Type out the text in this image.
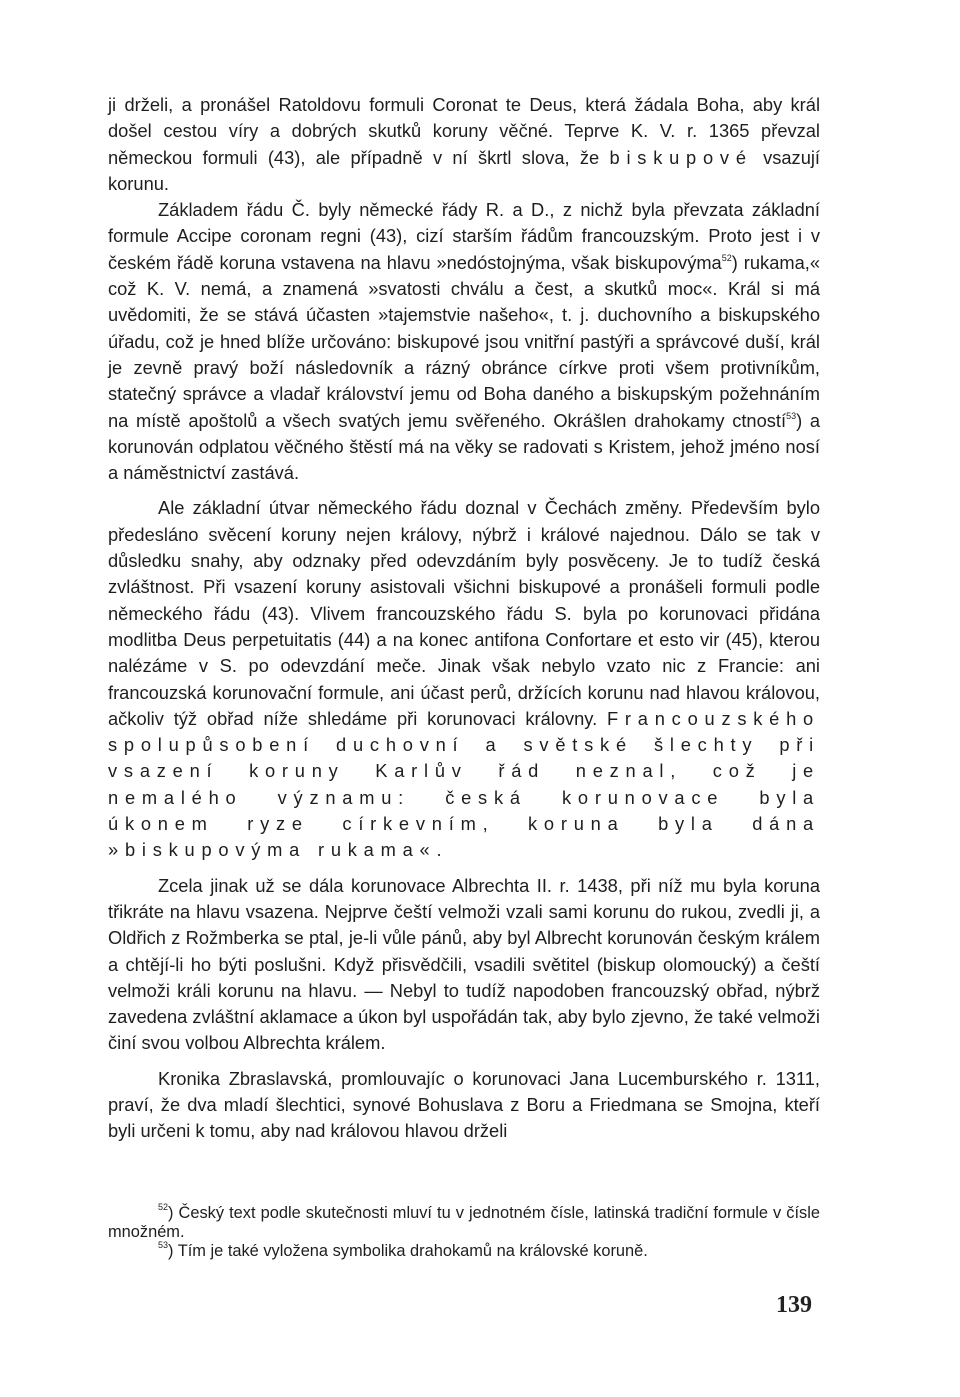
ji drželi, a pronášel Ratoldovu formuli Coronat te Deus, která žádala Boha, aby král došel cestou víry a dobrých skutků koruny věčné. Teprve K. V. r. 1365 převzal německou formuli (43), ale případně v ní škrtl slova, že biskupové vsazují korunu.

Základem řádu Č. byly německé řády R. a D., z nichž byla převzata základní formule Accipe coronam regni (43), cizí starším řádům francouzským. Proto jest i v českém řádě koruna vstavena na hlavu »nedóstojnýma, však biskupovýma$^{52}$) rukama,« což K. V. nemá, a znamená »svatosti chválu a čest, a skutků moc«. Král si má uvědomiti, že se stává účasten »tajemstvie našeho«, t. j. duchovního a biskupského úřadu, což je hned blíže určováno: biskupové jsou vnitřní pastýři a správcové duší, král je zevně pravý boží následovník a rázný obránce církve proti všem protivníkům, statečný správce a vladař království jemu od Boha daného a biskupským požehnáním na místě apoštolů a všech svatých jemu svěřeného. Okrášlen drahokamy ctností$^{53}$) a korunován odplatou věčného štěstí má na věky se radovati s Kristem, jehož jméno nosí a náměstnictví zastává.

Ale základní útvar německého řádu doznal v Čechách změny. Především bylo předesláno svěcení koruny nejen královy, nýbrž i králové najednou. Dálo se tak v důsledku snahy, aby odznaky před odevzdáním byly posvěceny. Je to tudíž česká zvláštnost. Při vsazení koruny asistovali všichni biskupové a pronášeli formuli podle německého řádu (43). Vlivem francouzského řádu S. byla po korunovaci přidána modlitba Deus perpetuitatis (44) a na konec antifona Confortare et esto vir (45), kterou nalézáme v S. po odevzdání meče. Jinak však nebylo vzato nic z Francie: ani francouzská korunovační formule, ani účast perů, držících korunu nad hlavou královou, ačkoliv týž obřad níže shledáme při korunovaci královny. Francouzského spolupůsobení duchovní a světské šlechty při vsazení koruny Karlův řád neznal, což je nemalého významu: česká korunovace byla úkonem ryze církevním, koruna byla dána »biskupovýma rukama«.

Zcela jinak už se dála korunovace Albrechta II. r. 1438, při níž mu byla koruna třikráte na hlavu vsazena. Nejprve čeští velmoži vzali sami korunu do rukou, zvedli ji, a Oldřich z Rožmberka se ptal, je-li vůle pánů, aby byl Albrecht korunován českým králem a chtějí-li ho býti poslušni. Když přisvědčili, vsadili světitel (biskup olomoucký) a čeští velmoži králi korunu na hlavu. — Nebyl to tudíž napodoben francouzský obřad, nýbrž zavedena zvláštní aklamace a úkon byl uspořádán tak, aby bylo zjevno, že také velmoži činí svou volbou Albrechta králem.

Kronika Zbraslavská, promlouvajíc o korunovaci Jana Lucemburského r. 1311, praví, že dva mladí šlechtici, synové Bohuslava z Boru a Friedmana se Smojna, kteří byli určeni k tomu, aby nad královou hlavou drželi

$^{52}$) Český text podle skutečnosti mluví tu v jednotném čísle, latinská tradiční formule v čísle množném.

$^{53}$) Tím je také vyložena symbolika drahokamů na královské koruně.

139
